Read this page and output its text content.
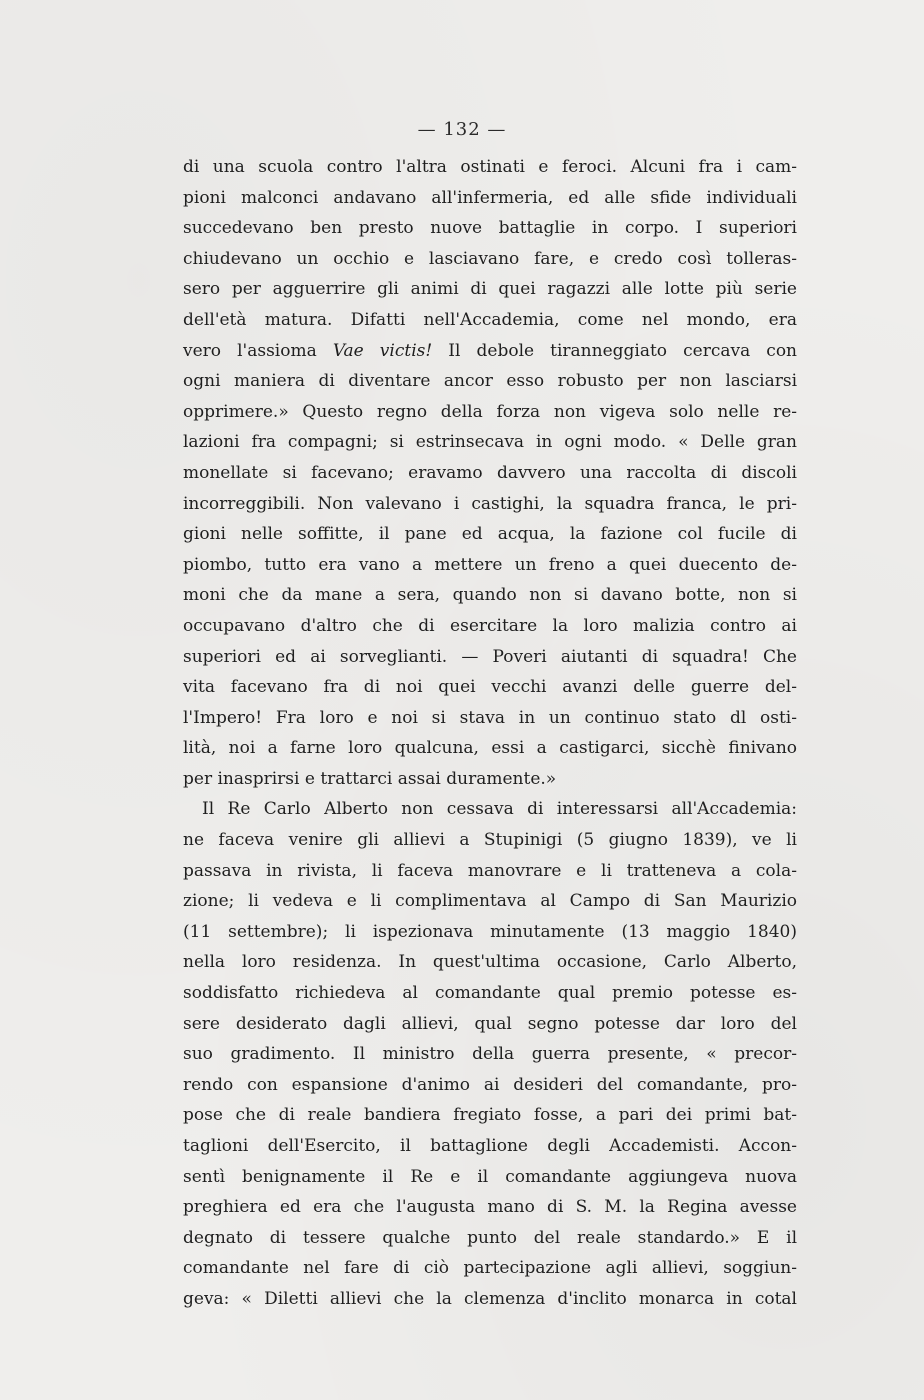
— 132 —
di una scuola contro l'altra ostinati e feroci. Alcuni fra i cam-
pioni malconci andavano all'infermeria, ed alle sfide individuali
succedevano ben presto nuove battaglie in corpo. I superiori
chiudevano un occhio e lasciavano fare, e credo così tolleras-
sero per agguerrire gli animi di quei ragazzi alle lotte più serie
dell'età matura. Difatti nell'Accademia, come nel mondo, era
vero l'assioma Vae victis! Il debole tiranneggiato cercava con
ogni maniera di diventare ancor esso robusto per non lasciarsi
opprimere.» Questo regno della forza non vigeva solo nelle re-
lazioni fra compagni; si estrinsecava in ogni modo. « Delle gran
monellate si facevano; eravamo davvero una raccolta di discoli
incorreggibili. Non valevano i castighi, la squadra franca, le pri-
gioni nelle soffitte, il pane ed acqua, la fazione col fucile di
piombo, tutto era vano a mettere un freno a quei duecento de-
moni che da mane a sera, quando non si davano botte, non si
occupavano d'altro che di esercitare la loro malizia contro ai
superiori ed ai sorveglianti. — Poveri aiutanti di squadra! Che
vita facevano fra di noi quei vecchi avanzi delle guerre del-
l'Impero! Fra loro e noi si stava in un continuo stato dl osti-
lità, noi a farne loro qualcuna, essi a castigarci, sicchè finivano
per inasprirsi e trattarci assai duramente.»
Il Re Carlo Alberto non cessava di interessarsi all'Accademia:
ne faceva venire gli allievi a Stupinigi (5 giugno 1839), ve li
passava in rivista, li faceva manovrare e li tratteneva a cola-
zione; li vedeva e li complimentava al Campo di San Maurizio
(11 settembre); li ispezionava minutamente (13 maggio 1840)
nella loro residenza. In quest'ultima occasione, Carlo Alberto,
soddisfatto richiedeva al comandante qual premio potesse es-
sere desiderato dagli allievi, qual segno potesse dar loro del
suo gradimento. Il ministro della guerra presente, « precor-
rendo con espansione d'animo ai desideri del comandante, pro-
pose che di reale bandiera fregiato fosse, a pari dei primi bat-
taglioni dell'Esercito, il battaglione degli Accademisti. Accon-
sentì benignamente il Re e il comandante aggiungeva nuova
preghiera ed era che l'augusta mano di S. M. la Regina avesse
degnato di tessere qualche punto del reale standardo.» E il
comandante nel fare di ciò partecipazione agli allievi, soggiun-
geva: « Diletti allievi che la clemenza d'inclito monarca in cotal
